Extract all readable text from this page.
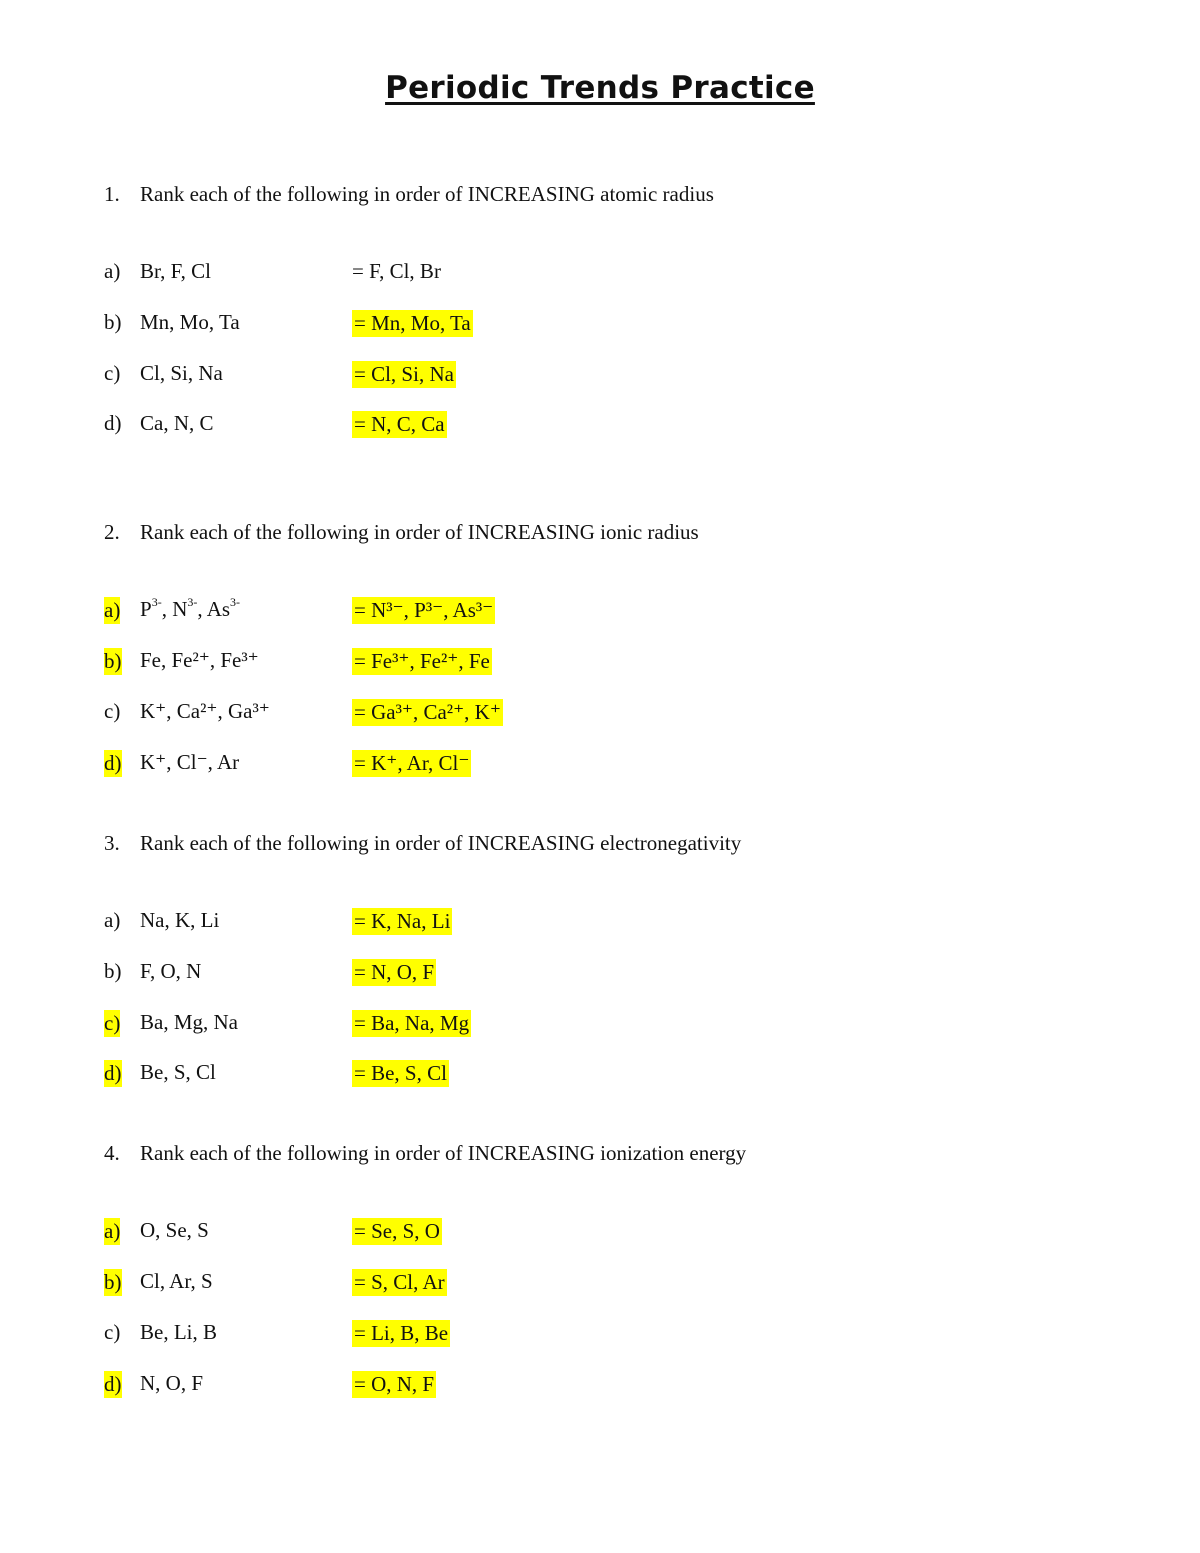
Periodic Trends Practice
1. Rank each of the following in order of INCREASING atomic radius
a) Br, F, Cl	= F, Cl, Br
b) Mn, Mo, Ta	= Mn, Mo, Ta
c) Cl, Si, Na	= Cl, Si, Na
d) Ca, N, C	= N, C, Ca
2. Rank each of the following in order of INCREASING ionic radius
a) $P^{3-}$, $N^{3-}$, $As^{3-}$	= N³⁻, P³⁻, As³⁻
b) Fe, Fe²⁺, Fe³⁺	= Fe³⁺, Fe²⁺, Fe
c) K⁺, Ca²⁺, Ga³⁺	= Ga³⁺, Ca²⁺, K⁺
d) K⁺, Cl⁻, Ar	= K⁺, Ar, Cl⁻
3. Rank each of the following in order of INCREASING electronegativity
a) Na, K, Li	= K, Na, Li
b) F, O, N	= N, O, F
c) Ba, Mg, Na	= Ba, Na, Mg
d) Be, S, Cl	= Be, S, Cl
4. Rank each of the following in order of INCREASING ionization energy
a) O, Se, S	= Se, S, O
b) Cl, Ar, S	= S, Cl, Ar
c) Be, Li, B	= Li, B, Be
d) N, O, F	= O, N, F
